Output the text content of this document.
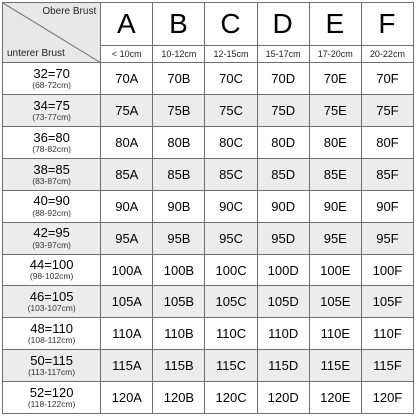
Obere Brust
unterer Brust	A	B	C	D	E	F
	< 10cm	10-12cm	12-15cm	15-17cm	17-20cm	20-22cm

32=70
(68-72cm)	70A	70B	70C	70D	70E	70F

34=75
(73-77cm)	75A	75B	75C	75D	75E	75F

36=80
(78-82cm)	80A	80B	80C	80D	80E	80F

38=85
(83-87cm)	85A	85B	85C	85D	85E	85F

40=90
(88-92cm)	90A	90B	90C	90D	90E	90F

42=95
(93-97cm)	95A	95B	95C	95D	95E	95F

44=100
(98-102cm)	100A	100B	100C	100D	100E	100F

46=105
(103-107cm)	105A	105B	105C	105D	105E	105F

48=110
(108-112cm)	110A	110B	110C	110D	110E	110F

50=115
(113-117cm)	115A	115B	115C	115D	115E	115F

52=120
(118-122cm)	120A	120B	120C	120D	120E	120F
